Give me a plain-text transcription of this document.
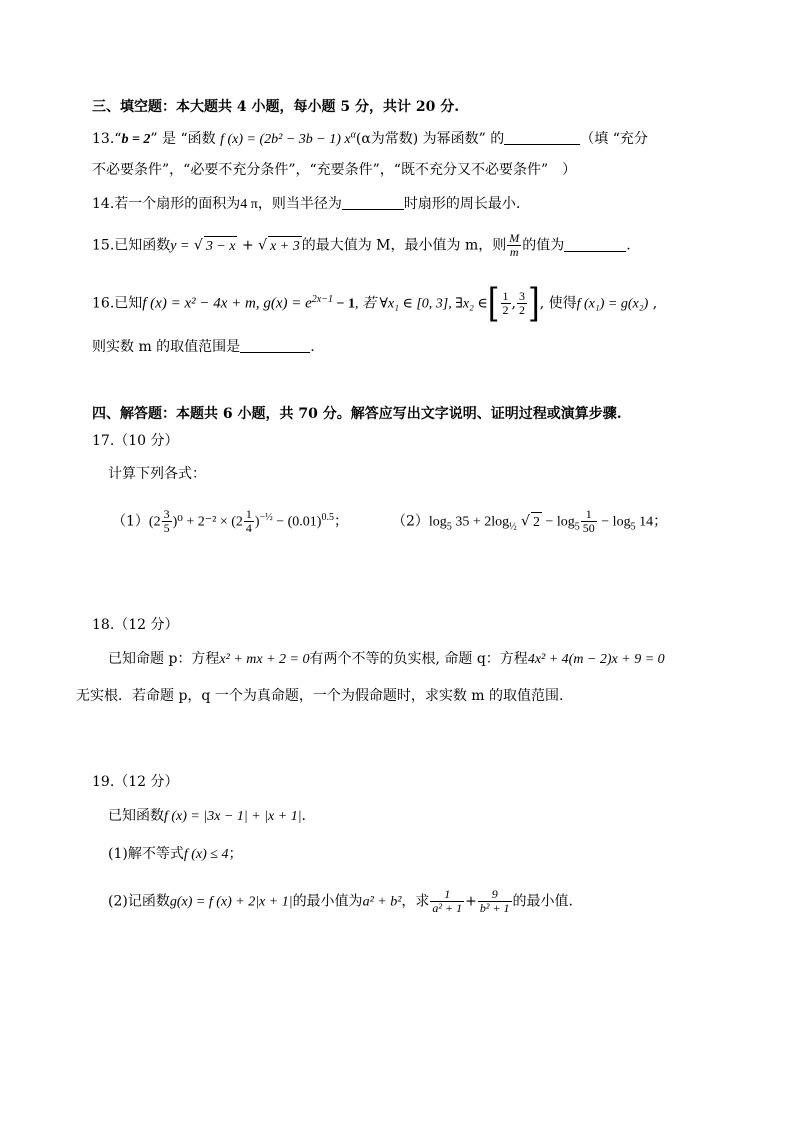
三、填空题：本大题共 4 小题，每小题 5 分，共计 20 分.
13.“b = 2” 是 “函数 f (x) = (2b² − 3b − 1) $x^\alpha(\alpha$为常数) 为幂函数” 的	（填 “充分
不必要条件”，“必要不充分条件”，“充要条件”，“既不充分又不必要条件”　）
14.若一个扇形的面积为4 π，则当半径为	时扇形的周长最小.
15.已知函数y = √ 3 − x + √ x + 3 的最大值为 M，最小值为 m，则 $\frac{M}{m}$ 的值为	.
16.已知f (x) = x² − 4x + m, $g(x) = e^{2x-1} - 1$, 若 ∀x₁ ∈ [0, 3], ∃x₂ ∈[ $\frac{1}{2}$ , $\frac{3}{2}$ ], 使得f (x₁) = g(x₂) ,
则实数 m 的取值范围是	.
四、解答题：本题共 6 小题，共 70 分。解答应写出文字说明、证明过程或演算步骤.
17.（10 分）
计算下列各式：
$(1)(2 \frac{3}{5} )^0 + 2^{-2} \times (2 \frac{1}{4} )^{-\frac{1}{2}} - (0.01)^{0.5}$；	$(2)\log_5$ $35 + 2\log_{\frac{1}{2}}$ √ $2 - \log_5 \frac{1}{50} - \log_5 14$；
18.（12 分）
已知命题 p：方程x² + mx + 2 = 0有两个不等的负实根, 命题 q：方程4x² + 4(m − 2)x + 9 = 0
无实根．若命题 p，q 一个为真命题，一个为假命题时，求实数 m 的取值范围.
19.（12 分）
已知函数f (x) = |3x − 1| + |x + 1|.
(1)解不等式f (x) ≤ 4；
(2)记函数g(x) = f (x) + 2|x + 1|的最小值为a² + b²，求 $\frac{1}{\text{a² + 1}} + \frac{9}{\text{b² + 1}}$ 的最小值.
